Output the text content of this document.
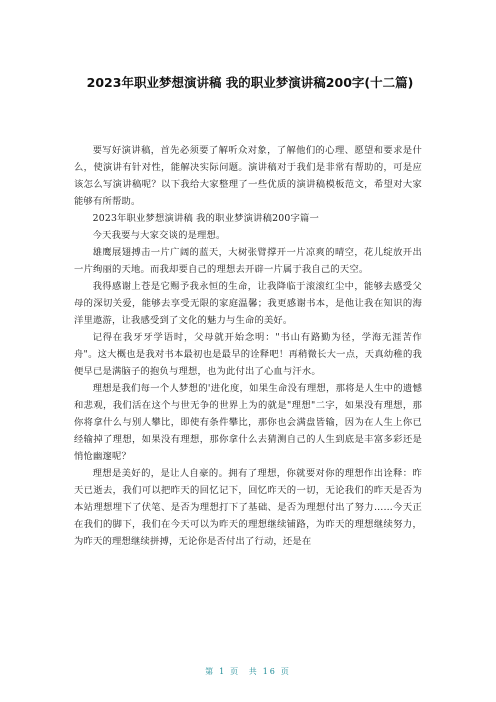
2023年职业梦想演讲稿 我的职业梦演讲稿200字(十二篇)

要写好演讲稿，首先必须要了解听众对象，了解他们的心理、愿望和要求是什么，使演讲有针对性，能解决实际问题。演讲稿对于我们是非常有帮助的，可是应该怎么写演讲稿呢？以下我给大家整理了一些优质的演讲稿模板范文，希望对大家能够有所帮助。

2023年职业梦想演讲稿 我的职业梦演讲稿200字篇一

今天我要与大家交谈的是理想。

雄鹰展翅搏击一片广阔的蓝天，大树张臂撑开一片凉爽的晴空，花儿绽放开出一片绚丽的天地。而我却要自己的理想去开辟一片属于我自己的天空。

我得感谢上苍是它赐予我永恒的生命，让我降临于滚滚红尘中，能够去感受父母的深切关爱，能够去享受无限的家庭温馨；我更感谢书本，是他让我在知识的海洋里遨游，让我感受到了文化的魅力与生命的美好。

记得在我牙牙学语时，父母就开始念明："书山有路勤为径，学海无涯苦作舟"。这大概也是我对书本最初也是最早的诠释吧！再稍微长大一点，天真幼稚的我便早已是满脑子的抱负与理想，也为此付出了心血与汗水。

理想是我们每一个人梦想的'进化度，如果生命没有理想，那将是人生中的遗憾和悲观，我们活在这个与世无争的世界上为的就是"理想"二字，如果没有理想，那你将拿什么与别人攀比，即使有条件攀比，那你也会满盘皆输，因为在人生上你已经输掉了理想，如果没有理想，那你拿什么去猜测自己的人生到底是丰富多彩还是悄怆幽邃呢？

理想是美好的，是让人自豪的。拥有了理想，你就要对你的理想作出诠释：昨天已逝去，我们可以把昨天的回忆记下，回忆昨天的一切，无论我们的昨天是否为本站理想埋下了伏笔、是否为理想打下了基础、是否为理想付出了努力……今天正在我们的脚下，我们在今天可以为昨天的理想继续铺路，为昨天的理想继续努力，为昨天的理想继续拼搏，无论你是否付出了行动，还是在

第 1 页 共 16 页
